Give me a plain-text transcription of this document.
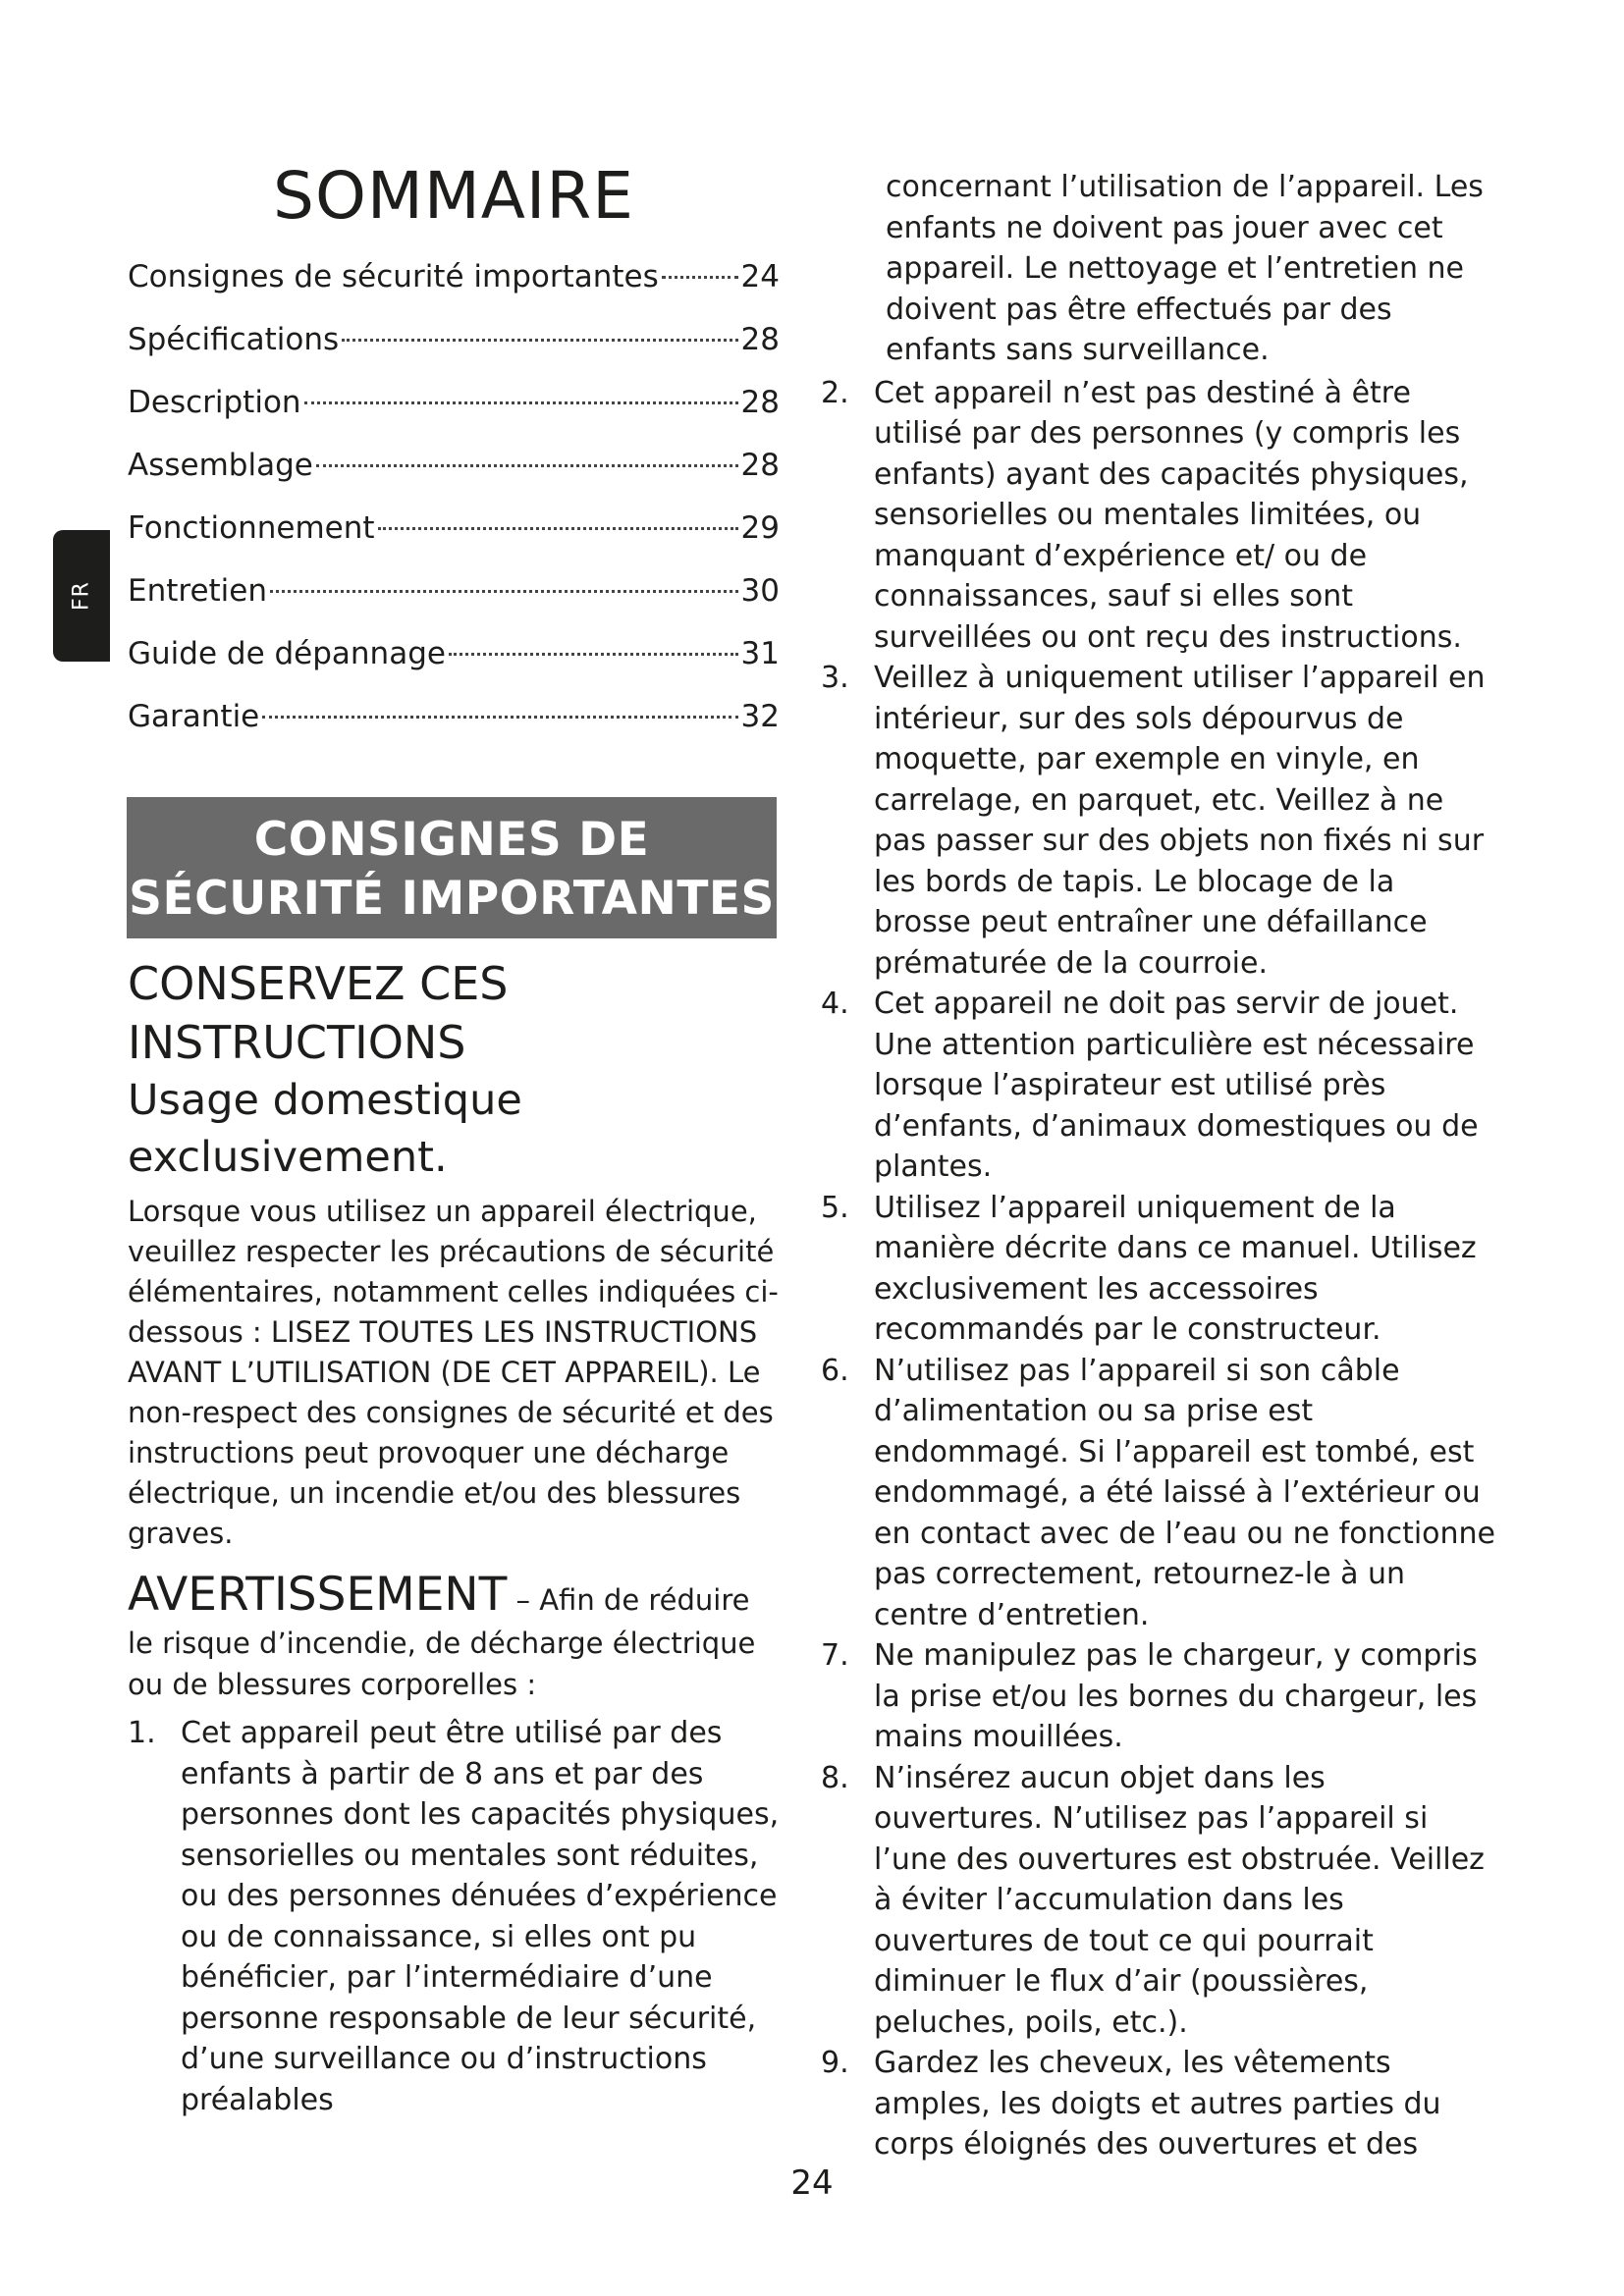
FR
SOMMAIRE
Consignes de sécurité importantes	24
Spécifications	28
Description	28
Assemblage	28
Fonctionnement	29
Entretien	30
Guide de dépannage	31
Garantie	32
CONSIGNES DE
SÉCURITÉ IMPORTANTES
CONSERVEZ CES
INSTRUCTIONS
Usage domestique
exclusivement.

Lorsque vous utilisez un appareil électrique, veuillez respecter les précautions de sécurité élémentaires, notamment celles indiquées ci-dessous : LISEZ TOUTES LES INSTRUCTIONS AVANT L’UTILISATION (DE CET APPAREIL). Le non-respect des consignes de sécurité et des instructions peut provoquer une décharge électrique, un incendie et/ou des blessures graves.

AVERTISSEMENT – Afin de réduire le risque d’incendie, de décharge électrique ou de blessures corporelles :
1. Cet appareil peut être utilisé par des enfants à partir de 8 ans et par des personnes dont les capacités physiques, sensorielles ou mentales sont réduites, ou des personnes dénuées d’expérience ou de connaissance, si elles ont pu bénéficier, par l’intermédiaire d’une personne responsable de leur sécurité, d’une surveillance ou d’instructions préalables
concernant l’utilisation de l’appareil. Les enfants ne doivent pas jouer avec cet appareil. Le nettoyage et l’entretien ne doivent pas être effectués par des enfants sans surveillance.
2. Cet appareil n’est pas destiné à être utilisé par des personnes (y compris les enfants) ayant des capacités physiques, sensorielles ou mentales limitées, ou manquant d’expérience et/ ou de connaissances, sauf si elles sont surveillées ou ont reçu des instructions.
3. Veillez à uniquement utiliser l’appareil en intérieur, sur des sols dépourvus de moquette, par exemple en vinyle, en carrelage, en parquet, etc. Veillez à ne pas passer sur des objets non fixés ni sur les bords de tapis. Le blocage de la brosse peut entraîner une défaillance prématurée de la courroie.
4. Cet appareil ne doit pas servir de jouet. Une attention particulière est nécessaire lorsque l’aspirateur est utilisé près d’enfants, d’animaux domestiques ou de plantes.
5. Utilisez l’appareil uniquement de la manière décrite dans ce manuel. Utilisez exclusivement les accessoires recommandés par le constructeur.
6. N’utilisez pas l’appareil si son câble d’alimentation ou sa prise est endommagé. Si l’appareil est tombé, est endommagé, a été laissé à l’extérieur ou en contact avec de l’eau ou ne fonctionne pas correctement, retournez-le à un centre d’entretien.
7. Ne manipulez pas le chargeur, y compris la prise et/ou les bornes du chargeur, les mains mouillées.
8. N’insérez aucun objet dans les ouvertures. N’utilisez pas l’appareil si l’une des ouvertures est obstruée. Veillez à éviter l’accumulation dans les ouvertures de tout ce qui pourrait diminuer le flux d’air (poussières, peluches, poils, etc.).
9. Gardez les cheveux, les vêtements amples, les doigts et autres parties du corps éloignés des ouvertures et des
24
